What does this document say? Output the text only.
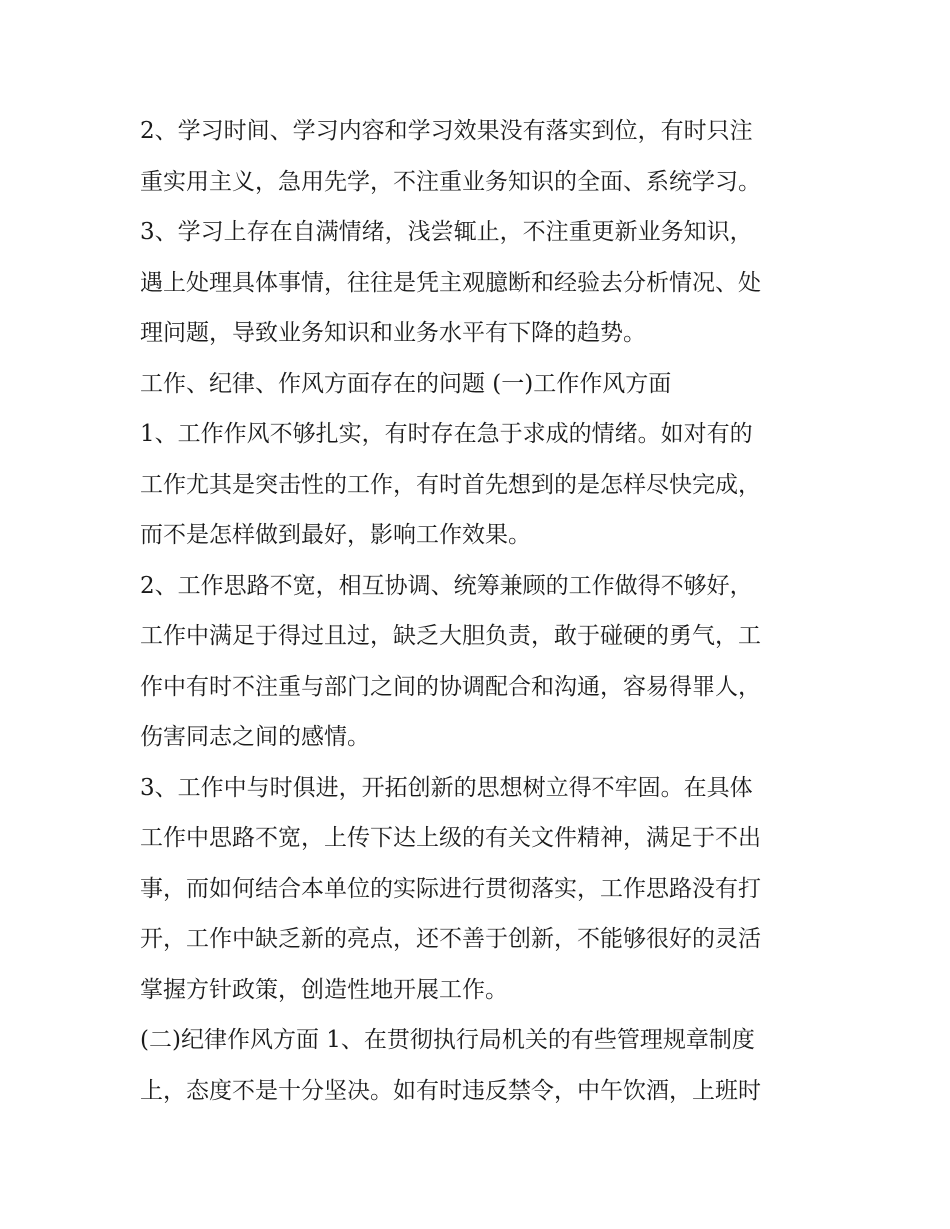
2、学习时间、学习内容和学习效果没有落实到位，有时只注
重实用主义，急用先学，不注重业务知识的全面、系统学习。
3、学习上存在自满情绪，浅尝辄止，不注重更新业务知识，
遇上处理具体事情，往往是凭主观臆断和经验去分析情况、处
理问题，导致业务知识和业务水平有下降的趋势。
工作、纪律、作风方面存在的问题 (一)工作作风方面
1、工作作风不够扎实，有时存在急于求成的情绪。如对有的
工作尤其是突击性的工作，有时首先想到的是怎样尽快完成，
而不是怎样做到最好，影响工作效果。
2、工作思路不宽，相互协调、统筹兼顾的工作做得不够好，
工作中满足于得过且过，缺乏大胆负责，敢于碰硬的勇气，工
作中有时不注重与部门之间的协调配合和沟通，容易得罪人，
伤害同志之间的感情。
3、工作中与时俱进，开拓创新的思想树立得不牢固。在具体
工作中思路不宽，上传下达上级的有关文件精神，满足于不出
事，而如何结合本单位的实际进行贯彻落实，工作思路没有打
开，工作中缺乏新的亮点，还不善于创新，不能够很好的灵活
掌握方针政策，创造性地开展工作。
(二)纪律作风方面 1、在贯彻执行局机关的有些管理规章制度
上，态度不是十分坚决。如有时违反禁令，中午饮酒，上班时
